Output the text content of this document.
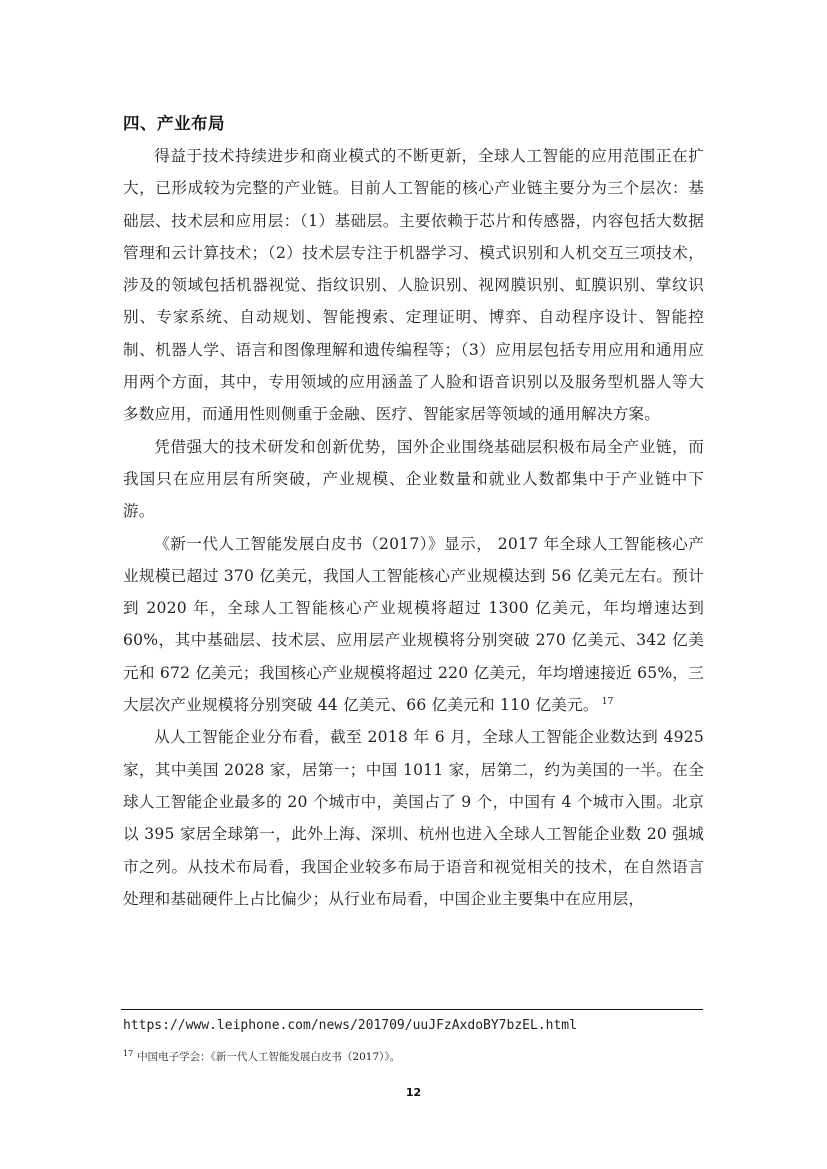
四、产业布局

得益于技术持续进步和商业模式的不断更新，全球人工智能的应用范围正在扩大，已形成较为完整的产业链。目前人工智能的核心产业链主要分为三个层次：基础层、技术层和应用层：（1）基础层。主要依赖于芯片和传感器，内容包括大数据管理和云计算技术；（2）技术层专注于机器学习、模式识别和人机交互三项技术，涉及的领域包括机器视觉、指纹识别、人脸识别、视网膜识别、虹膜识别、掌纹识别、专家系统、自动规划、智能搜索、定理证明、博弈、自动程序设计、智能控制、机器人学、语言和图像理解和遗传编程等；（3）应用层包括专用应用和通用应用两个方面，其中，专用领域的应用涵盖了人脸和语音识别以及服务型机器人等大多数应用，而通用性则侧重于金融、医疗、智能家居等领域的通用解决方案。

凭借强大的技术研发和创新优势，国外企业围绕基础层积极布局全产业链，而我国只在应用层有所突破，产业规模、企业数量和就业人数都集中于产业链中下游。

《新一代人工智能发展白皮书（2017）》显示， 2017 年全球人工智能核心产业规模已超过 370 亿美元，我国人工智能核心产业规模达到 56 亿美元左右。预计到 2020 年，全球人工智能核心产业规模将超过 1300 亿美元，年均增速达到 60%，其中基础层、技术层、应用层产业规模将分别突破 270 亿美元、342 亿美元和 672 亿美元；我国核心产业规模将超过 220 亿美元，年均增速接近 65%，三大层次产业规模将分别突破 44 亿美元、66 亿美元和 110 亿美元。 $^{17}$

从人工智能企业分布看，截至 2018 年 6 月，全球人工智能企业数达到 4925 家，其中美国 2028 家，居第一；中国 1011 家，居第二，约为美国的一半。在全球人工智能企业最多的 20 个城市中，美国占了 9 个，中国有 4 个城市入围。北京以 395 家居全球第一，此外上海、深圳、杭州也进入全球人工智能企业数 20 强城市之列。从技术布局看，我国企业较多布局于语音和视觉相关的技术，在自然语言处理和基础硬件上占比偏少；从行业布局看，中国企业主要集中在应用层，

https://www.leiphone.com/news/201709/uuJFzAxdoBY7bzEL.html
$^{17}$ 中国电子学会：《新一代人工智能发展白皮书（2017）》。
12
